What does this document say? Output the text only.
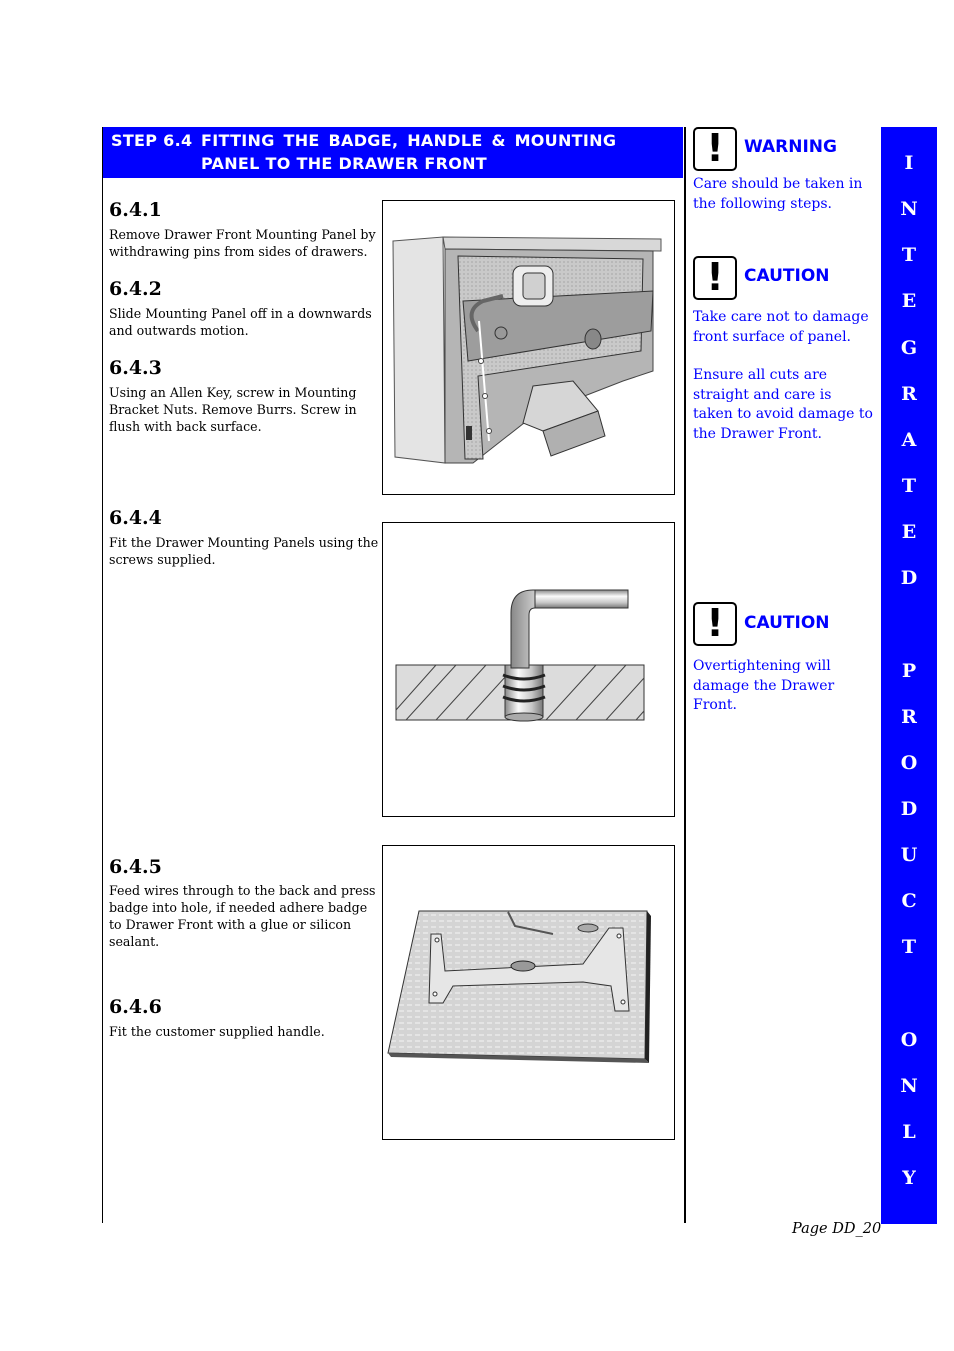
STEP 6.4 FITTING THE BADGE, HANDLE & MOUNTING
PANEL TO THE DRAWER FRONT
6.4.1
Remove Drawer Front Mounting Panel by withdrawing pins from sides of drawers.
6.4.2
Slide Mounting Panel off in a downwards and outwards motion.
6.4.3
Using an Allen Key, screw in Mounting Bracket Nuts. Remove Burrs. Screw in flush with back surface.
6.4.4
Fit the Drawer Mounting Panels using the screws supplied.
6.4.5
Feed wires through to the back and press badge into hole, if needed adhere badge to Drawer Front with a glue or silicon sealant.
6.4.6
Fit the customer supplied handle.
!	WARNING
Care should be taken in the following steps.
!	CAUTION
Take care not to damage front surface of panel.
Ensure all cuts are straight and care is taken to avoid damage to the Drawer Front.
!	CAUTION
Overtightening will damage the Drawer Front.
I
N
T
E
G
R
A
T
E
D
P
R
O
D
U
C
T
O
N
L
Y
Page DD_20
